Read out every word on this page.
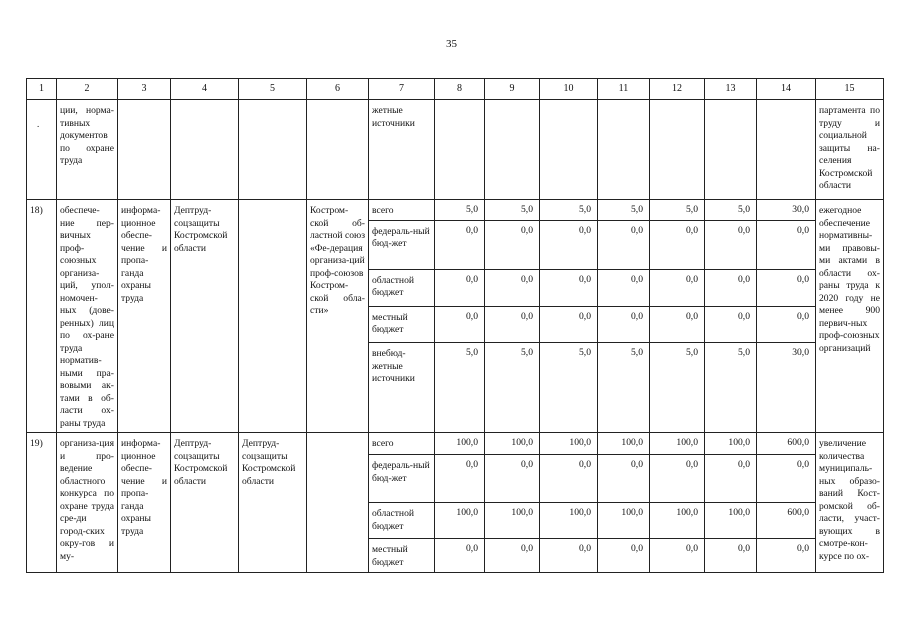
35
1	2	3	4	5	6	7	8	9	10	11	12	13	14	15

.	ции, норма-тивных документов по охране труда					жетные источники								партамента по труду и социальной защиты на-селения Костромской области
18)	обеспече-ние пер-вичных проф-союзных организа-ций, упол-номочен-ных (дове-ренных) лиц по ох-ране труда норматив-ными пра-вовыми ак-тами в об-ласти ох-раны труда	информа-ционное обеспе-чение и пропа-ганда охраны труда	Дептруд-соцзащиты Костромской области		Костром-ской об-ластной союз «Фе-дерация организа-ций проф-союзов Костром-ской обла-сти»	всего	5,0	5,0	5,0	5,0	5,0	5,0	30,0	ежегодное обеспечение нормативны-ми правовы-ми актами в области ох-раны труда к 2020 году не менее 900 первич-ных проф-союзных организаций
						федераль-ный бюд-жет	0,0	0,0	0,0	0,0	0,0	0,0	0,0	
						областной бюджет	0,0	0,0	0,0	0,0	0,0	0,0	0,0	
						местный бюджет	0,0	0,0	0,0	0,0	0,0	0,0	0,0	
						внебюд-жетные источники	5,0	5,0	5,0	5,0	5,0	5,0	30,0	
19)	организа-ция и про-ведение областного конкурса по охране труда сре-ди город-ских окру-гов и му-	информа-ционное обеспе-чение и пропа-ганда охраны труда	Дептруд-соцзащиты Костромской области	Дептруд-соцзащиты Костромской области		всего	100,0	100,0	100,0	100,0	100,0	100,0	600,0	увеличение количества муниципаль-ных образо-ваний Кост-ромской об-ласти, участ-вующих в смотре-кон-курсе по ох-
						федераль-ный бюд-жет	0,0	0,0	0,0	0,0	0,0	0,0	0,0	
						областной бюджет	100,0	100,0	100,0	100,0	100,0	100,0	600,0	
						местный бюджет	0,0	0,0	0,0	0,0	0,0	0,0	0,0	
